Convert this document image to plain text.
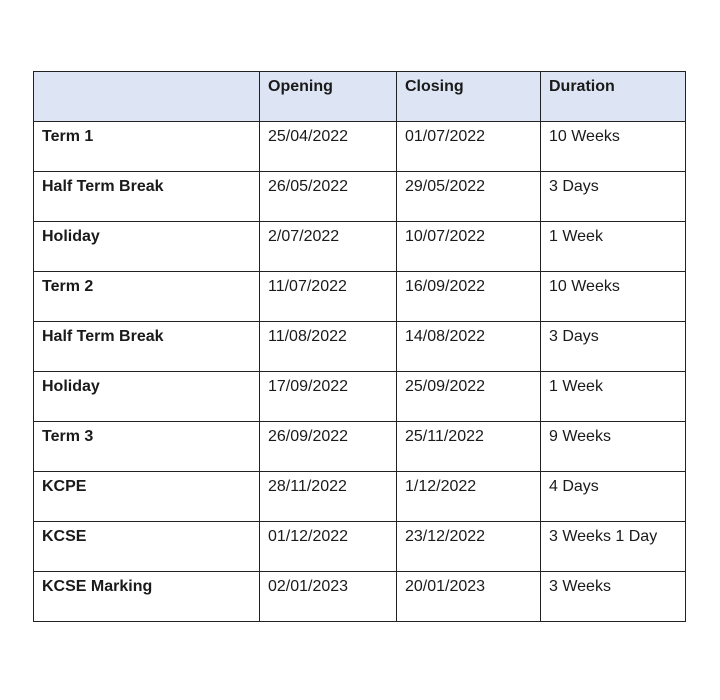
	Opening	Closing	Duration
Term 1	25/04/2022	01/07/2022	10 Weeks
Half Term Break	26/05/2022	29/05/2022	3 Days
Holiday	2/07/2022	10/07/2022	1 Week
Term 2	11/07/2022	16/09/2022	10 Weeks
Half Term Break	11/08/2022	14/08/2022	3 Days
Holiday	17/09/2022	25/09/2022	1 Week
Term 3	26/09/2022	25/11/2022	9 Weeks
KCPE	28/11/2022	1/12/2022	4 Days
KCSE	01/12/2022	23/12/2022	3 Weeks 1 Day
KCSE Marking	02/01/2023	20/01/2023	3 Weeks
